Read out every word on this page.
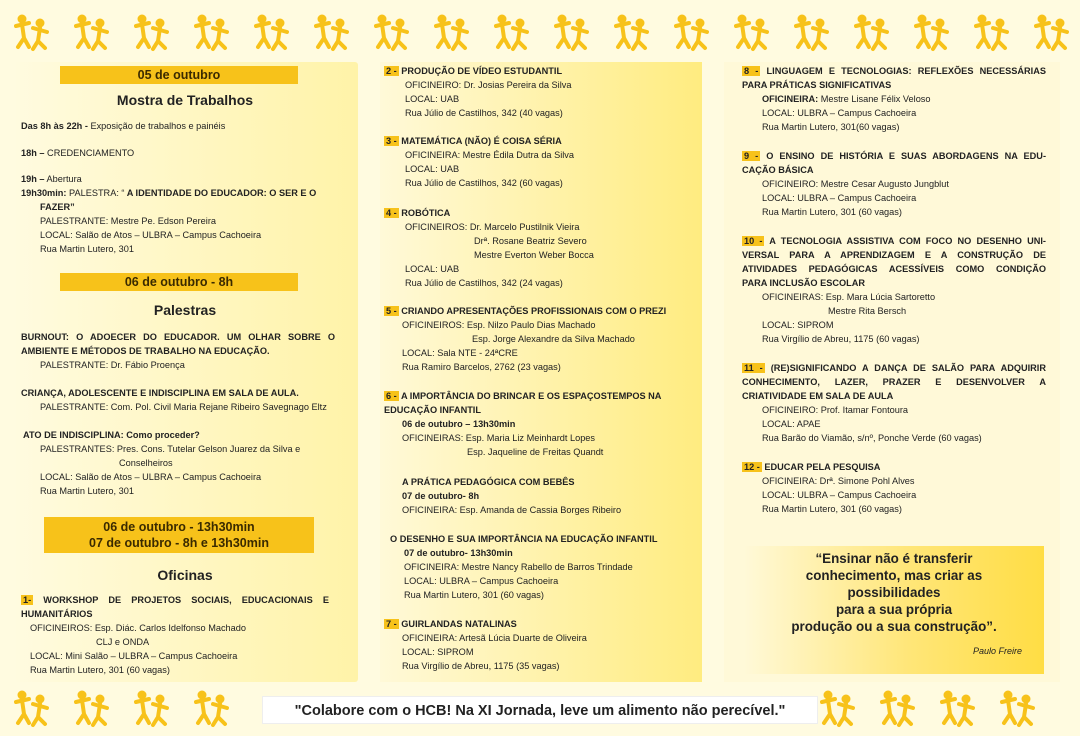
05 de outubro
Mostra de Trabalhos
Das 8h às 22h - Exposição de trabalhos e painéis
18h – CREDENCIAMENTO
19h – Abertura
19h30min: PALESTRA: “ A IDENTIDADE DO EDUCADOR: O SER E O
FAZER”
PALESTRANTE: Mestre Pe. Edson Pereira
LOCAL: Salão de Atos – ULBRA – Campus Cachoeira
Rua Martin Lutero, 301
06 de outubro - 8h
Palestras
BURNOUT: O ADOECER DO EDUCADOR. UM OLHAR SOBRE O
AMBIENTE E MÉTODOS DE TRABALHO NA EDUCAÇÃO.
PALESTRANTE: Dr. Fábio Proença
CRIANÇA, ADOLESCENTE E INDISCIPLINA EM SALA DE AULA.
PALESTRANTE: Com. Pol. Civil Maria Rejane Ribeiro Savegnago Eltz
ATO DE INDISCIPLINA: Como proceder?
PALESTRANTES: Pres. Cons. Tutelar Gelson Juarez da Silva e
Conselheiros
LOCAL: Salão de Atos – ULBRA – Campus Cachoeira
Rua Martin Lutero, 301
06 de outubro - 13h30min
07 de outubro - 8h e 13h30min
Oficinas
1- WORKSHOP DE PROJETOS SOCIAIS, EDUCACIONAIS E
HUMANITÁRIOS
OFICINEIROS: Esp. Diác. Carlos Idelfonso Machado
CLJ e ONDA
LOCAL: Mini Salão – ULBRA – Campus Cachoeira
Rua Martin Lutero, 301 (60 vagas)
2 - PRODUÇÃO DE VÍDEO ESTUDANTIL
OFICINEIRO: Dr. Josias Pereira da Silva
LOCAL: UAB
Rua Júlio de Castilhos, 342 (40 vagas)
3 - MATEMÁTICA (NÃO) É COISA SÉRIA
OFICINEIRA: Mestre Édila Dutra da Silva
LOCAL: UAB
Rua Júlio de Castilhos, 342 (60 vagas)
4 - ROBÓTICA
OFICINEIROS: Dr. Marcelo Pustilnik Vieira
Drª. Rosane Beatriz Severo
Mestre Everton Weber Bocca
LOCAL: UAB
Rua Júlio de Castilhos, 342 (24 vagas)
5 - CRIANDO APRESENTAÇÕES PROFISSIONAIS COM O PREZI
OFICINEIROS: Esp. Nilzo Paulo Dias Machado
Esp. Jorge Alexandre da Silva Machado
LOCAL: Sala NTE - 24ªCRE
Rua Ramiro Barcelos, 2762 (23 vagas)
6 - A IMPORTÂNCIA DO BRINCAR E OS ESPAÇOSTEMPOS NA
EDUCAÇÃO INFANTIL
06 de outubro – 13h30min
OFICINEIRAS: Esp. Maria Liz Meinhardt Lopes
Esp. Jaqueline de Freitas Quandt
A PRÁTICA PEDAGÓGICA COM BEBÊS
07 de outubro- 8h
OFICINEIRA: Esp. Amanda de Cassia Borges Ribeiro
O DESENHO E SUA IMPORTÂNCIA NA EDUCAÇÃO INFANTIL
07 de outubro- 13h30min
OFICINEIRA: Mestre Nancy Rabello de Barros Trindade
LOCAL: ULBRA – Campus Cachoeira
Rua Martin Lutero, 301 (60 vagas)
7 - GUIRLANDAS NATALINAS
OFICINEIRA: Artesã Lúcia Duarte de Oliveira
LOCAL: SIPROM
Rua Virgílio de Abreu, 1175 (35 vagas)
8 - LINGUAGEM E TECNOLOGIAS: REFLEXÕES NECESSÁRIAS
PARA PRÁTICAS SIGNIFICATIVAS
OFICINEIRA: Mestre Lisane Félix Veloso
LOCAL: ULBRA – Campus Cachoeira
Rua Martin Lutero, 301(60 vagas)
9 - O ENSINO DE HISTÓRIA E SUAS ABORDAGENS NA EDU-
CAÇÃO BÁSICA
OFICINEIRO: Mestre Cesar Augusto Jungblut
LOCAL: ULBRA – Campus Cachoeira
Rua Martin Lutero, 301 (60 vagas)
10 - A TECNOLOGIA ASSISTIVA COM FOCO NO DESENHO UNI-
VERSAL PARA A APRENDIZAGEM E A CONSTRUÇÃO DE
ATIVIDADES PEDAGÓGICAS ACESSÍVEIS COMO CONDIÇÃO
PARA INCLUSÃO ESCOLAR
OFICINEIRAS: Esp. Mara Lúcia Sartoretto
Mestre Rita Bersch
LOCAL: SIPROM
Rua Virgílio de Abreu, 1175 (60 vagas)
11 - (RE)SIGNIFICANDO A DANÇA DE SALÃO PARA ADQUIRIR
CONHECIMENTO, LAZER, PRAZER E DESENVOLVER A
CRIATIVIDADE EM SALA DE AULA
OFICINEIRO: Prof. Itamar Fontoura
LOCAL: APAE
Rua Barão do Viamão, s/nº, Ponche Verde (60 vagas)
12 - EDUCAR PELA PESQUISA
OFICINEIRA: Drª. Simone Pohl Alves
LOCAL: ULBRA – Campus Cachoeira
Rua Martin Lutero, 301 (60 vagas)
“Ensinar não é transferir
conhecimento, mas criar as
possibilidades
para a sua própria
produção ou a sua construção”.
Paulo Freire
"Colabore com o HCB! Na XI Jornada, leve um alimento não perecível."
